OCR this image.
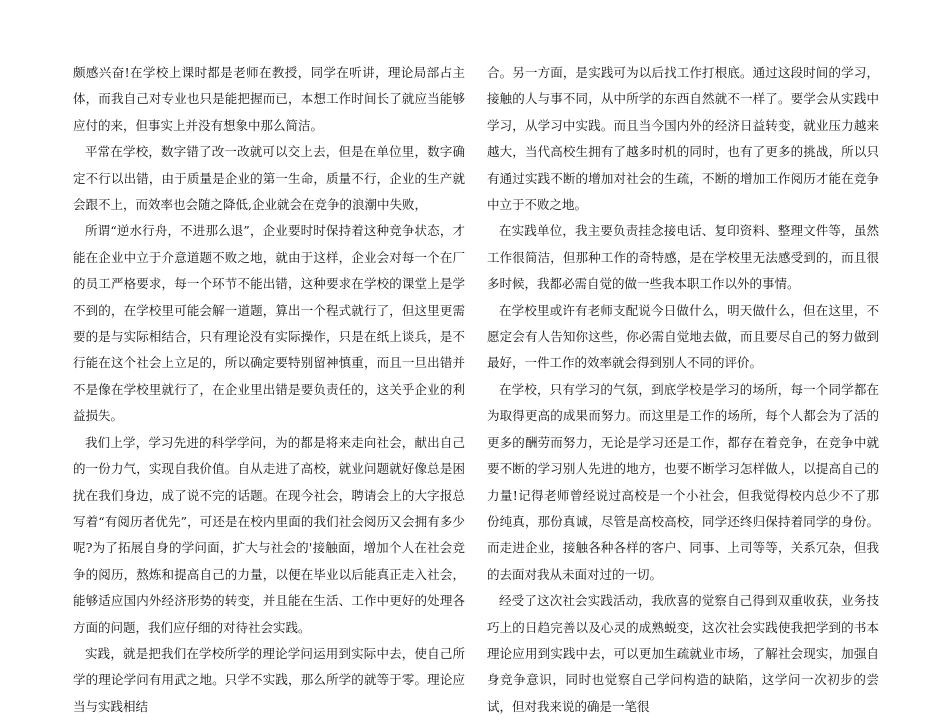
颇感兴奋!在学校上课时都是老师在教授，同学在听讲，理论局部占主体，而我自己对专业也只是能把握而已，本想工作时间长了就应当能够应付的来，但事实上并没有想象中那么简洁。

平常在学校，数字错了改一改就可以交上去，但是在单位里，数字确定不行以出错，由于质量是企业的第一生命，质量不行，企业的生产就会跟不上，而效率也会随之降低,企业就会在竞争的浪潮中失败，

所谓“逆水行舟，不进那么退”，企业要时时保持着这种竞争状态，才能在企业中立于介意道题不败之地，就由于这样，企业会对每一个在厂的员工严格要求，每一个环节不能出错，这种要求在学校的课堂上是学不到的，在学校里可能会解一道题，算出一个程式就行了，但这里更需要的是与实际相结合，只有理论没有实际操作，只是在纸上谈兵，是不行能在这个社会上立足的，所以确定要特别留神慎重，而且一旦出错并不是像在学校里就行了，在企业里出错是要负责任的，这关乎企业的利益损失。

我们上学，学习先进的科学学问，为的都是将来走向社会，献出自己的一份力气，实现自我价值。自从走进了高校，就业问题就好像总是困扰在我们身边，成了说不完的话题。在现今社会，聘请会上的大字报总写着“有阅历者优先”，可还是在校内里面的我们社会阅历又会拥有多少呢?为了拓展自身的学问面，扩大与社会的'接触面，增加个人在社会竞争的阅历，熬炼和提高自己的力量，以便在毕业以后能真正走入社会，能够适应国内外经济形势的转变，并且能在生活、工作中更好的处理各方面的问题，我们应仔细的对待社会实践。

实践，就是把我们在学校所学的理论学问运用到实际中去，使自己所学的理论学问有用武之地。只学不实践，那么所学的就等于零。理论应当与实践相结

合。另一方面，是实践可为以后找工作打根底。通过这段时间的学习，接触的人与事不同，从中所学的东西自然就不一样了。要学会从实践中学习，从学习中实践。而且当今国内外的经济日益转变，就业压力越来越大，当代高校生拥有了越多时机的同时，也有了更多的挑战，所以只有通过实践不断的增加对社会的生疏，不断的增加工作阅历才能在竞争中立于不败之地。

在实践单位，我主要负责挂念接电话、复印资料、整理文件等，虽然工作很简洁，但那种工作的奇特感，是在学校里无法感受到的，而且很多时候，我都必需自觉的做一些我本职工作以外的事情。

在学校里或许有老师支配说今日做什么，明天做什么，但在这里，不愿定会有人告知你这些，你必需自觉地去做，而且要尽自己的努力做到最好，一件工作的效率就会得到别人不同的评价。

在学校，只有学习的气氛，到底学校是学习的场所，每一个同学都在为取得更高的成果而努力。而这里是工作的场所，每个人都会为了活的更多的酬劳而努力，无论是学习还是工作，都存在着竞争，在竞争中就要不断的学习别人先进的地方，也要不断学习怎样做人，以提高自己的力量!记得老师曾经说过高校是一个小社会，但我觉得校内总少不了那份纯真，那份真诚，尽管是高校高校，同学还终归保持着同学的身份。而走进企业，接触各种各样的客户、同事、上司等等，关系冗杂，但我的去面对我从未面对过的一切。

经受了这次社会实践活动，我欣喜的觉察自己得到双重收获，业务技巧上的日趋完善以及心灵的成熟蜕变，这次社会实践使我把学到的书本理论应用到实践中去，可以更加生疏就业市场，了解社会现实，加强自身竞争意识，同时也觉察自己学问构造的缺陷，这学问一次初步的尝试，但对我来说的确是一笔很
